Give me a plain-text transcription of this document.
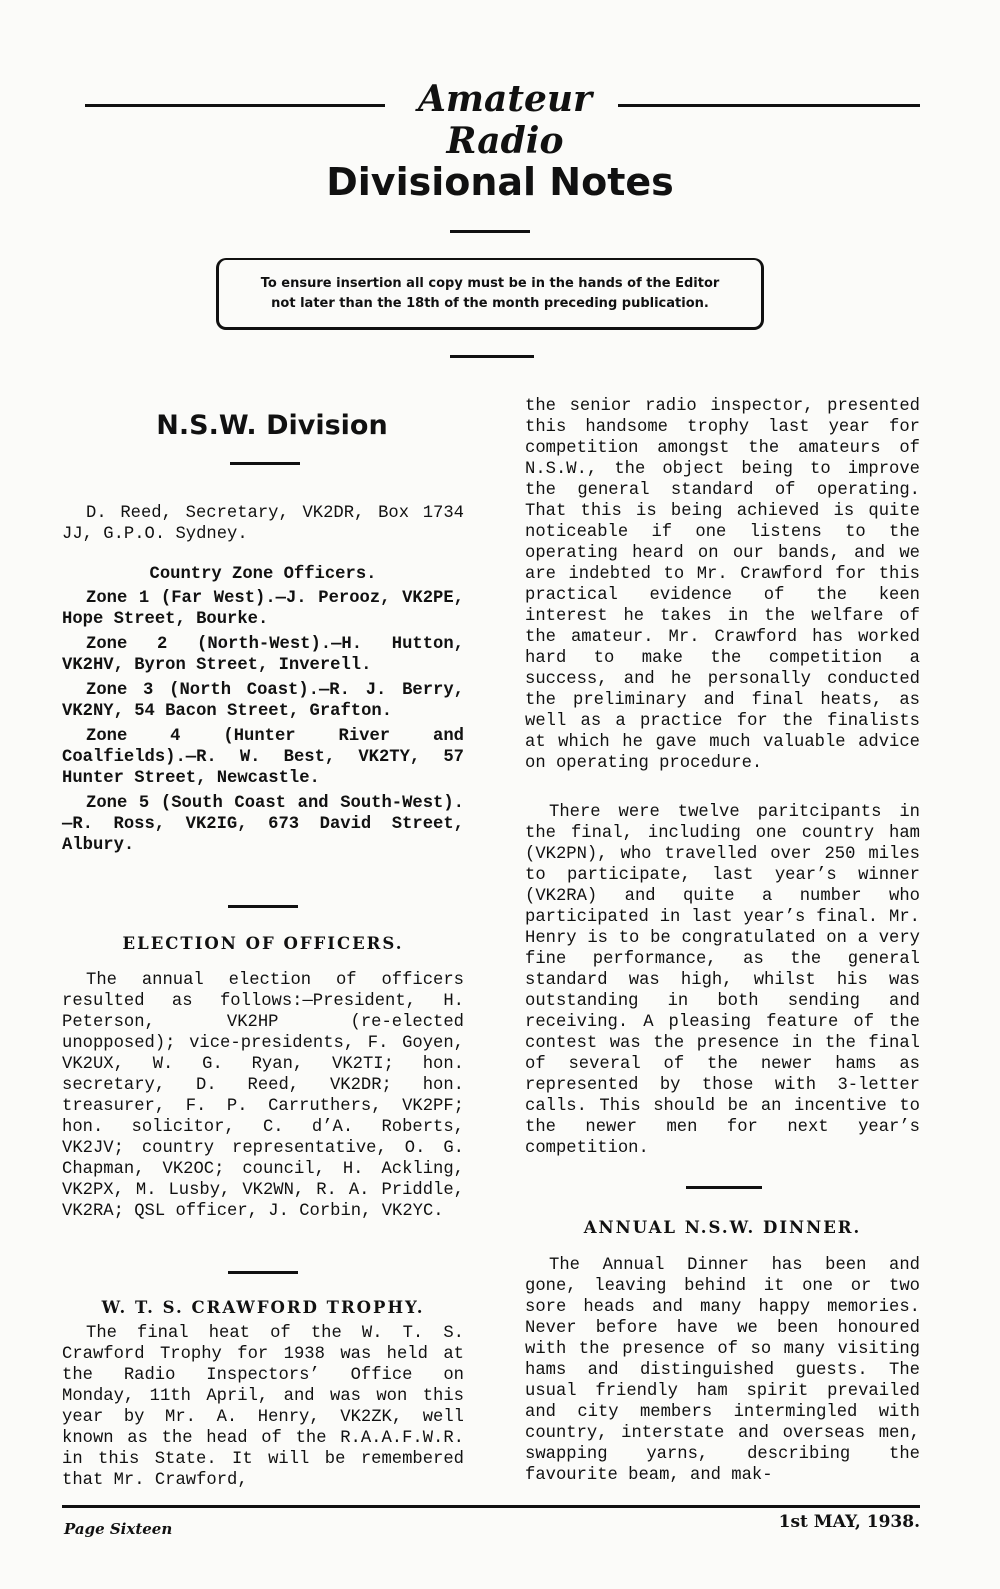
Amateur Radio
Divisional Notes
To ensure insertion all copy must be in the hands of the Editor
not later than the 18th of the month preceding publication.
N.S.W. Division

D. Reed, Secretary, VK2DR, Box 1734 JJ, G.P.O. Sydney.

Country Zone Officers.

Zone 1 (Far West).—J. Perooz, VK2PE, Hope Street, Bourke.

Zone 2 (North-West).—H. Hutton, VK2HV, Byron Street, Inverell.

Zone 3 (North Coast).—R. J. Berry, VK2NY, 54 Bacon Street, Grafton.

Zone 4 (Hunter River and Coalfields).—R. W. Best, VK2TY, 57 Hunter Street, Newcastle.

Zone 5 (South Coast and South-West).—R. Ross, VK2IG, 673 David Street, Albury.

ELECTION OF OFFICERS.

The annual election of officers resulted as follows:—President, H. Peterson, VK2HP (re-elected unopposed); vice-presidents, F. Goyen, VK2UX, W. G. Ryan, VK2TI; hon. secretary, D. Reed, VK2DR; hon. treasurer, F. P. Carruthers, VK2PF; hon. solicitor, C. d’A. Roberts, VK2JV; country representative, O. G. Chapman, VK2OC; council, H. Ackling, VK2PX, M. Lusby, VK2WN, R. A. Priddle, VK2RA; QSL officer, J. Corbin, VK2YC.

W. T. S. CRAWFORD TROPHY.

The final heat of the W. T. S. Crawford Trophy for 1938 was held at the Radio Inspectors’ Office on Monday, 11th April, and was won this year by Mr. A. Henry, VK2ZK, well known as the head of the R.A.A.F.W.R. in this State. It will be remembered that Mr. Crawford,

the senior radio inspector, presented this handsome trophy last year for competition amongst the amateurs of N.S.W., the object being to improve the general standard of operating. That this is being achieved is quite noticeable if one listens to the operating heard on our bands, and we are indebted to Mr. Crawford for this practical evidence of the keen interest he takes in the welfare of the amateur. Mr. Crawford has worked hard to make the competition a success, and he personally conducted the preliminary and final heats, as well as a practice for the finalists at which he gave much valuable advice on operating procedure.

There were twelve paritcipants in the final, including one country ham (VK2PN), who travelled over 250 miles to participate, last year’s winner (VK2RA) and quite a number who participated in last year’s final. Mr. Henry is to be congratulated on a very fine performance, as the general standard was high, whilst his was outstanding in both sending and receiving. A pleasing feature of the contest was the presence in the final of several of the newer hams as represented by those with 3-letter calls. This should be an incentive to the newer men for next year’s competition.

ANNUAL N.S.W. DINNER.

The Annual Dinner has been and gone, leaving behind it one or two sore heads and many happy memories. Never before have we been honoured with the presence of so many visiting hams and distinguished guests. The usual friendly ham spirit prevailed and city members intermingled with country, interstate and overseas men, swapping yarns, describing the favourite beam, and mak-

Page Sixteen	1st MAY, 1938.
